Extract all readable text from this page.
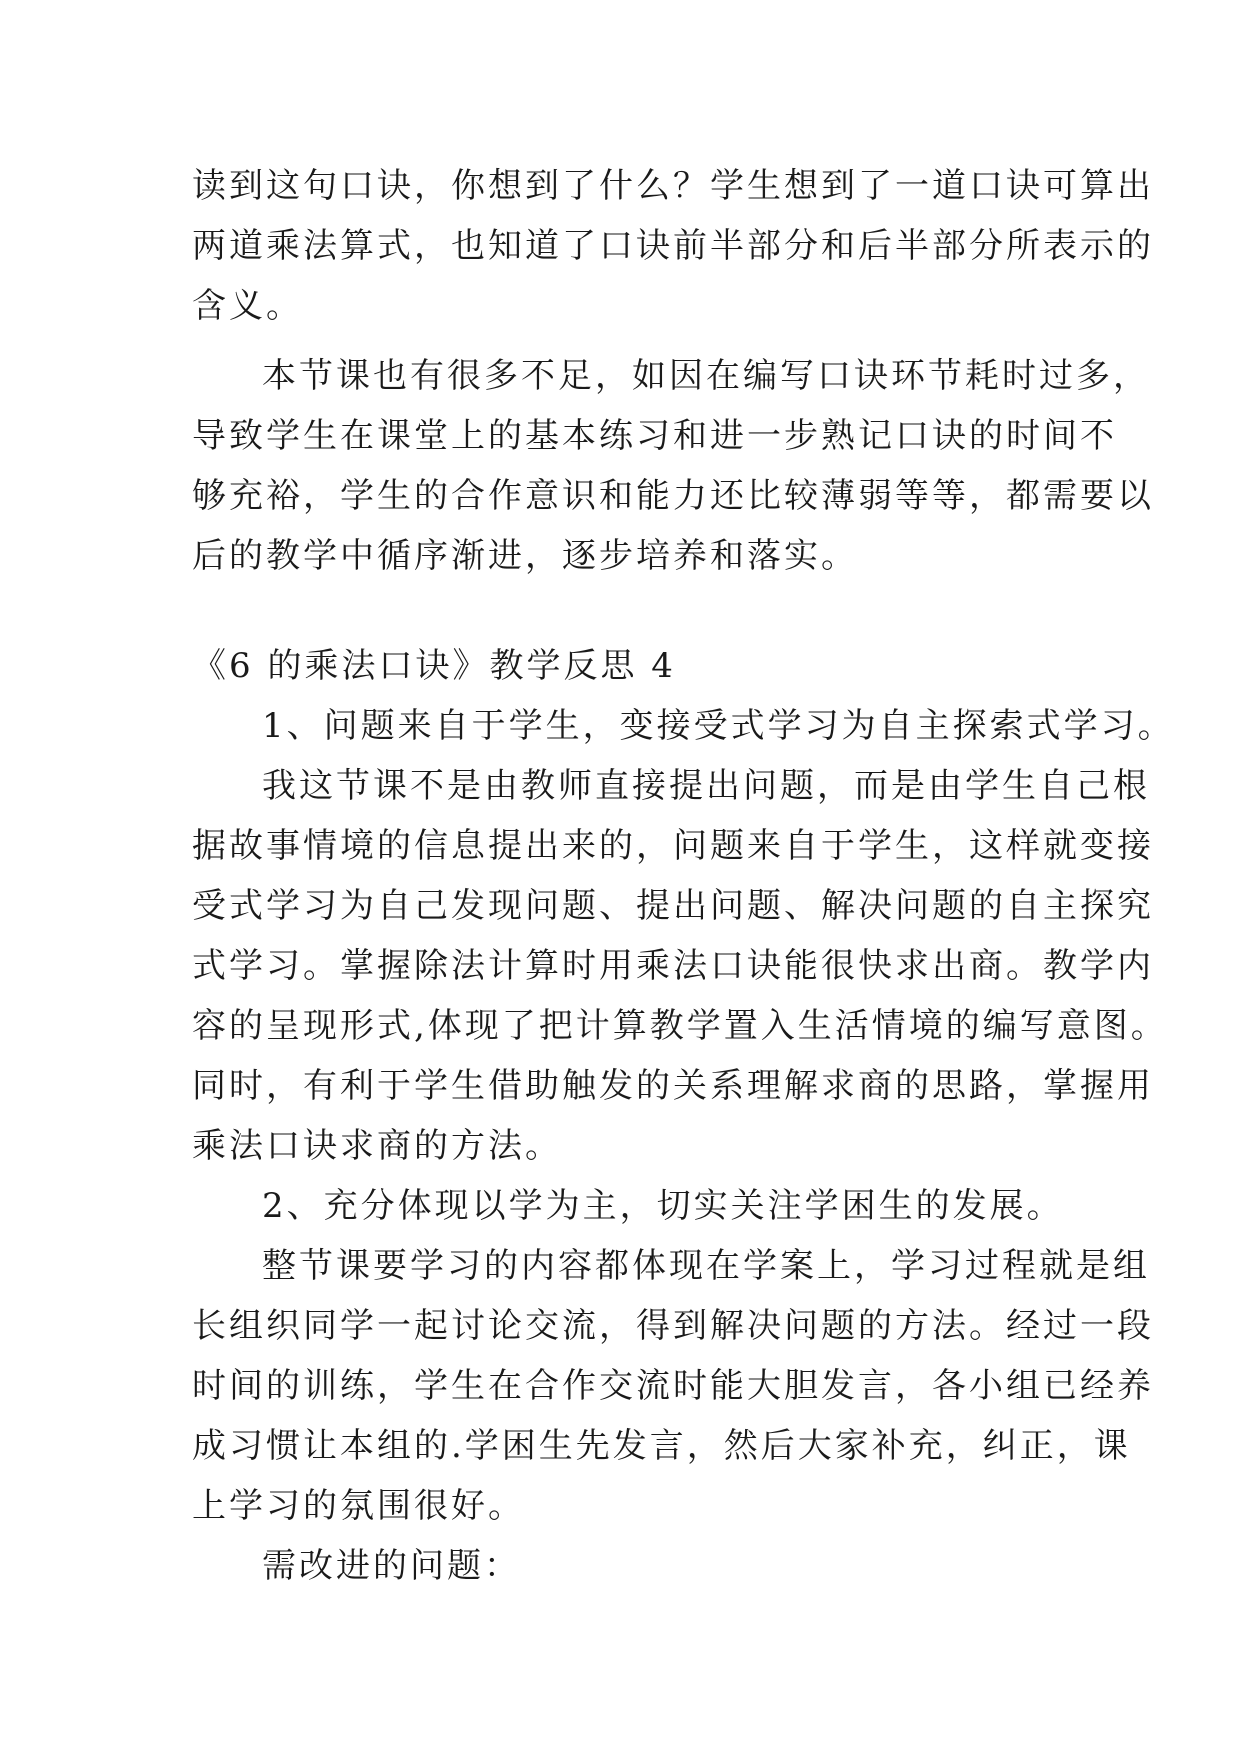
读到这句口诀，你想到了什么？学生想到了一道口诀可算出
两道乘法算式，也知道了口诀前半部分和后半部分所表示的
含义。
本节课也有很多不足，如因在编写口诀环节耗时过多，
导致学生在课堂上的基本练习和进一步熟记口诀的时间不
够充裕，学生的合作意识和能力还比较薄弱等等，都需要以
后的教学中循序渐进，逐步培养和落实。
《6 的乘法口诀》教学反思 4
1、问题来自于学生，变接受式学习为自主探索式学习。
我这节课不是由教师直接提出问题，而是由学生自己根
据故事情境的信息提出来的，问题来自于学生，这样就变接
受式学习为自己发现问题、提出问题、解决问题的自主探究
式学习。掌握除法计算时用乘法口诀能很快求出商。教学内
容的呈现形式,体现了把计算教学置入生活情境的编写意图。
同时，有利于学生借助触发的关系理解求商的思路，掌握用
乘法口诀求商的方法。
2、充分体现以学为主，切实关注学困生的发展。
整节课要学习的内容都体现在学案上，学习过程就是组
长组织同学一起讨论交流，得到解决问题的方法。经过一段
时间的训练，学生在合作交流时能大胆发言，各小组已经养
成习惯让本组的.学困生先发言，然后大家补充，纠正，课
上学习的氛围很好。
需改进的问题：
